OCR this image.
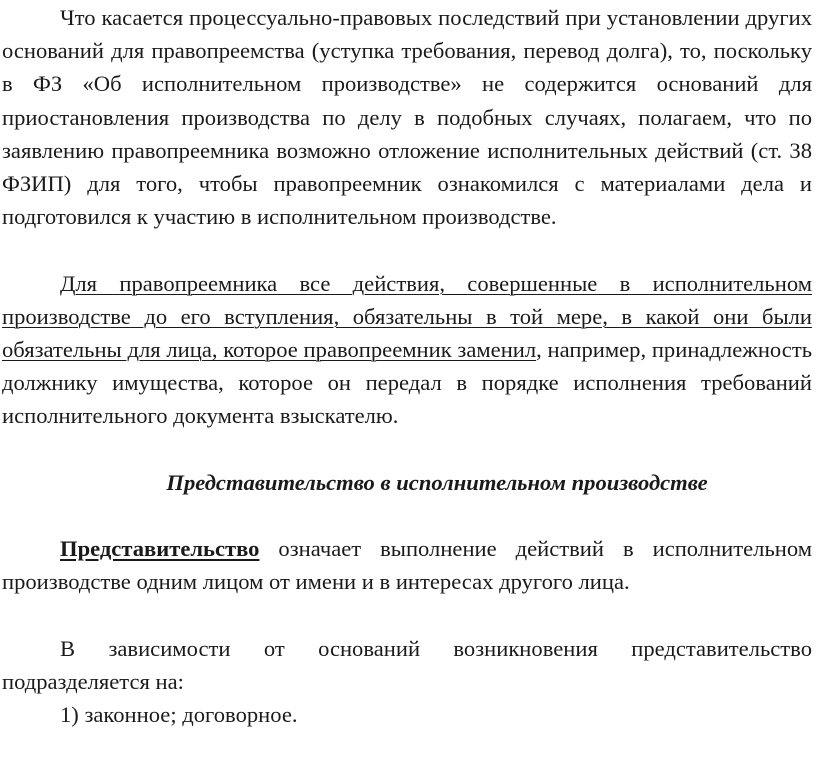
Что касается процессуально-правовых последствий при установлении других оснований для правопреемства (уступка требования, перевод долга), то, поскольку в ФЗ «Об исполнительном производстве» не содержится оснований для приостановления производства по делу в подобных случаях, полагаем, что по заявлению правопреемника возможно отложение исполнительных действий (ст. 38 ФЗИП) для того, чтобы правопреемник ознакомился с материалами дела и подготовился к участию в исполнительном производстве.

Для правопреемника все действия, совершенные в исполнительном производстве до его вступления, обязательны в той мере, в какой они были обязательны для лица, которое правопреемник заменил, например, принадлежность должнику имущества, которое он передал в порядке исполнения требований исполнительного документа взыскателю.

Представительство в исполнительном производстве

Представительство означает выполнение действий в исполнительном производстве одним лицом от имени и в интересах другого лица.

В зависимости от оснований возникновения представительство подразделяется на:

1) законное; договорное.
